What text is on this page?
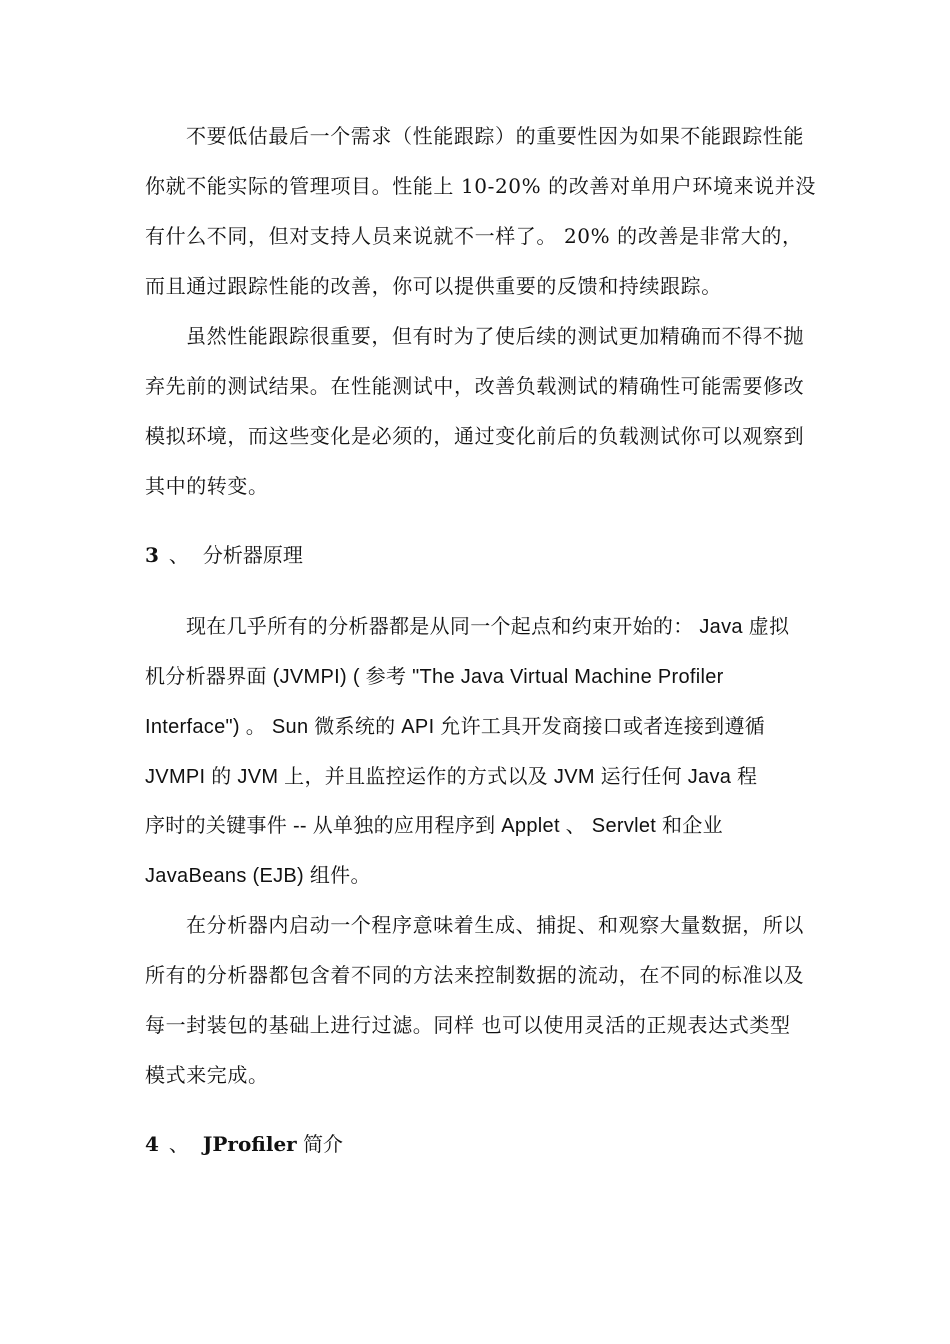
不要低估最后一个需求（性能跟踪）的重要性因为如果不能跟踪性能
你就不能实际的管理项目。性能上 10-20% 的改善对单用户环境来说并没
有什么不同，但对支持人员来说就不一样了。 20% 的改善是非常大的，
而且通过跟踪性能的改善，你可以提供重要的反馈和持续跟踪。
虽然性能跟踪很重要，但有时为了使后续的测试更加精确而不得不抛
弃先前的测试结果。在性能测试中，改善负载测试的精确性可能需要修改
模拟环境，而这些变化是必须的，通过变化前后的负载测试你可以观察到
其中的转变。
3 、 分析器原理
现在几乎所有的分析器都是从同一个起点和约束开始的： Java 虚拟
机分析器界面 (JVMPI) ( 参考 "The Java Virtual Machine Profiler
Interface") 。 Sun 微系统的 API 允许工具开发商接口或者连接到遵循
JVMPI 的 JVM 上，并且监控运作的方式以及 JVM 运行任何 Java 程
序时的关键事件 -- 从单独的应用程序到 Applet 、 Servlet 和企业
JavaBeans (EJB) 组件。
在分析器内启动一个程序意味着生成、捕捉、和观察大量数据，所以
所有的分析器都包含着不同的方法来控制数据的流动，在不同的标准以及
每一封装包的基础上进行过滤。同样 也可以使用灵活的正规表达式类型
模式来完成。
4 、 JProfiler 简介
